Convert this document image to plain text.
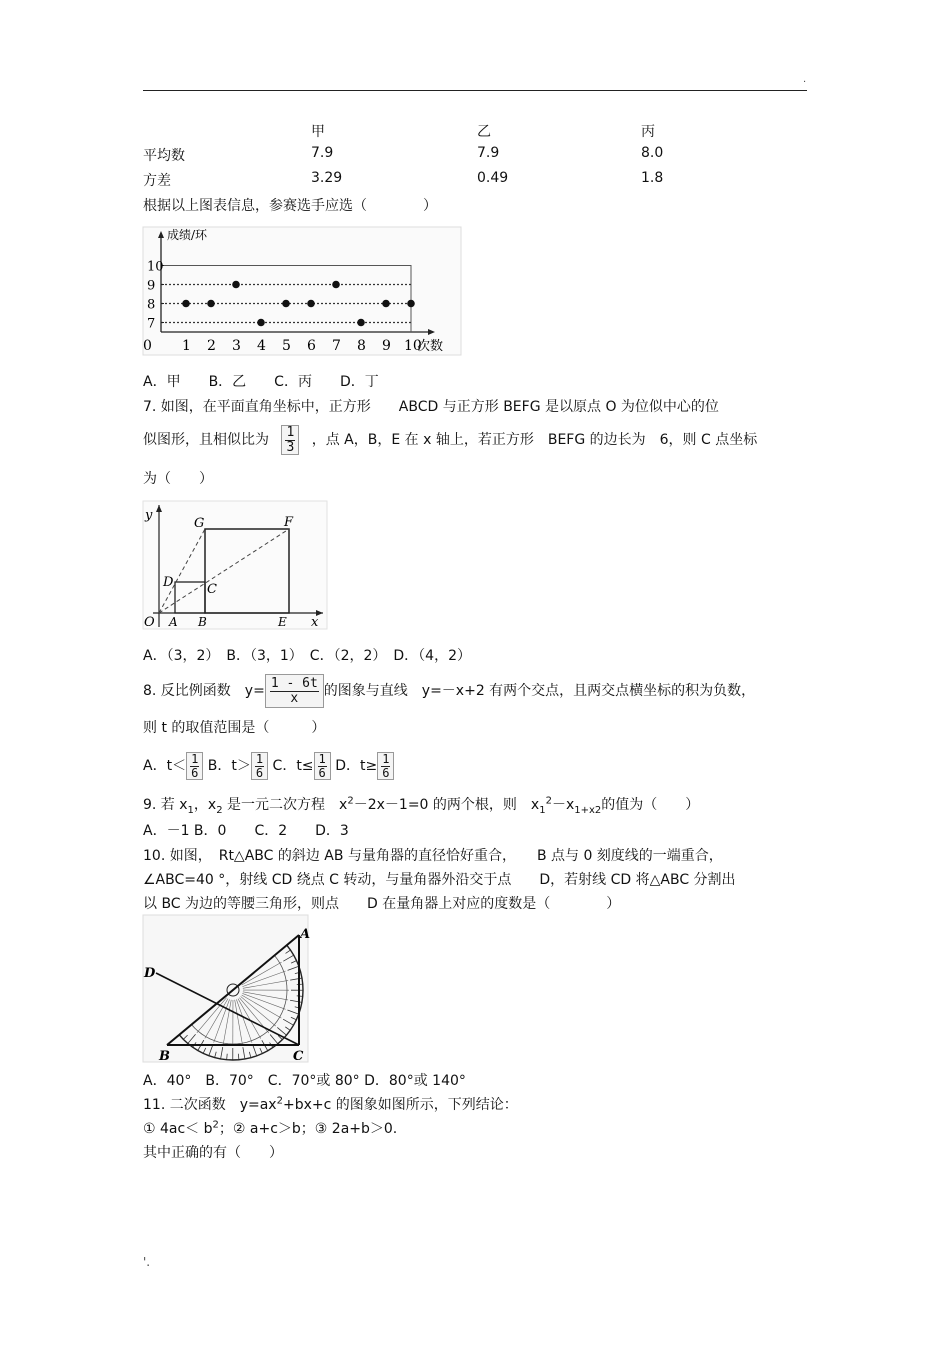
.
甲	乙	丙
平均数	7.9	7.9	8.0
方差	3.29	0.49	1.8
根据以上图表信息，参赛选手应选（　　　　）
7
8
9
10
0 1 2 3 4 5 6 7 8 9 10
成绩/环
次数
A．甲　　B．乙　　C．丙　　D．丁
7. 如图，在平面直角坐标中，正方形　　ABCD 与正方形 BEFG 是以原点 O 为位似中心的位
似图形，且相似比为 $\frac{1}{3}$ ，点 A，B，E 在 x 轴上，若正方形　BEFG 的边长为　6，则 C 点坐标
为（　　）
y
x
O A B
C
D
E
F
G
A．（3，2）　B．（3，1）　C．（2，2）　D．（4，2）
8. 反比例函数　$y= \frac{1 - 6t}{x}$ 的图象与直线　y=－x+2 有两个交点，且两交点横坐标的积为负数，
则 t 的取值范围是（　　　）
A．$t< \frac{1}{6}$ B．$t> \frac{1}{6}$ C．$t\le \frac{1}{6}$ D．$t\ge \frac{1}{6}$
9. 若 $x_1$，$x_2$ 是一元二次方程　$x^2-2x-1=0$ 的两个根，则　$x_1^2-x_{1+x2}$的值为（　　）
A．－1 B．0　　C．2　　D．3
10. 如图，　Rt△ABC 的斜边 AB 与量角器的直径恰好重合，　　B 点与 0 刻度线的一端重合，
∠ABC=40 °，射线 CD 绕点 C 转动，与量角器外沿交于点　　D，若射线 CD 将△ABC 分割出
以 BC 为边的等腰三角形，则点　　D 在量角器上对应的度数是（　　　　）
A
B	C
D
A．40°　B．70°　C．70°或 80° D．80°或 140°
11. 二次函数　$y=ax^2+bx+c$ 的图象如图所示，下列结论：
① $4ac< b^2$；② a+c＞b；③ 2a+b＞0.
其中正确的有（　　）
'.
